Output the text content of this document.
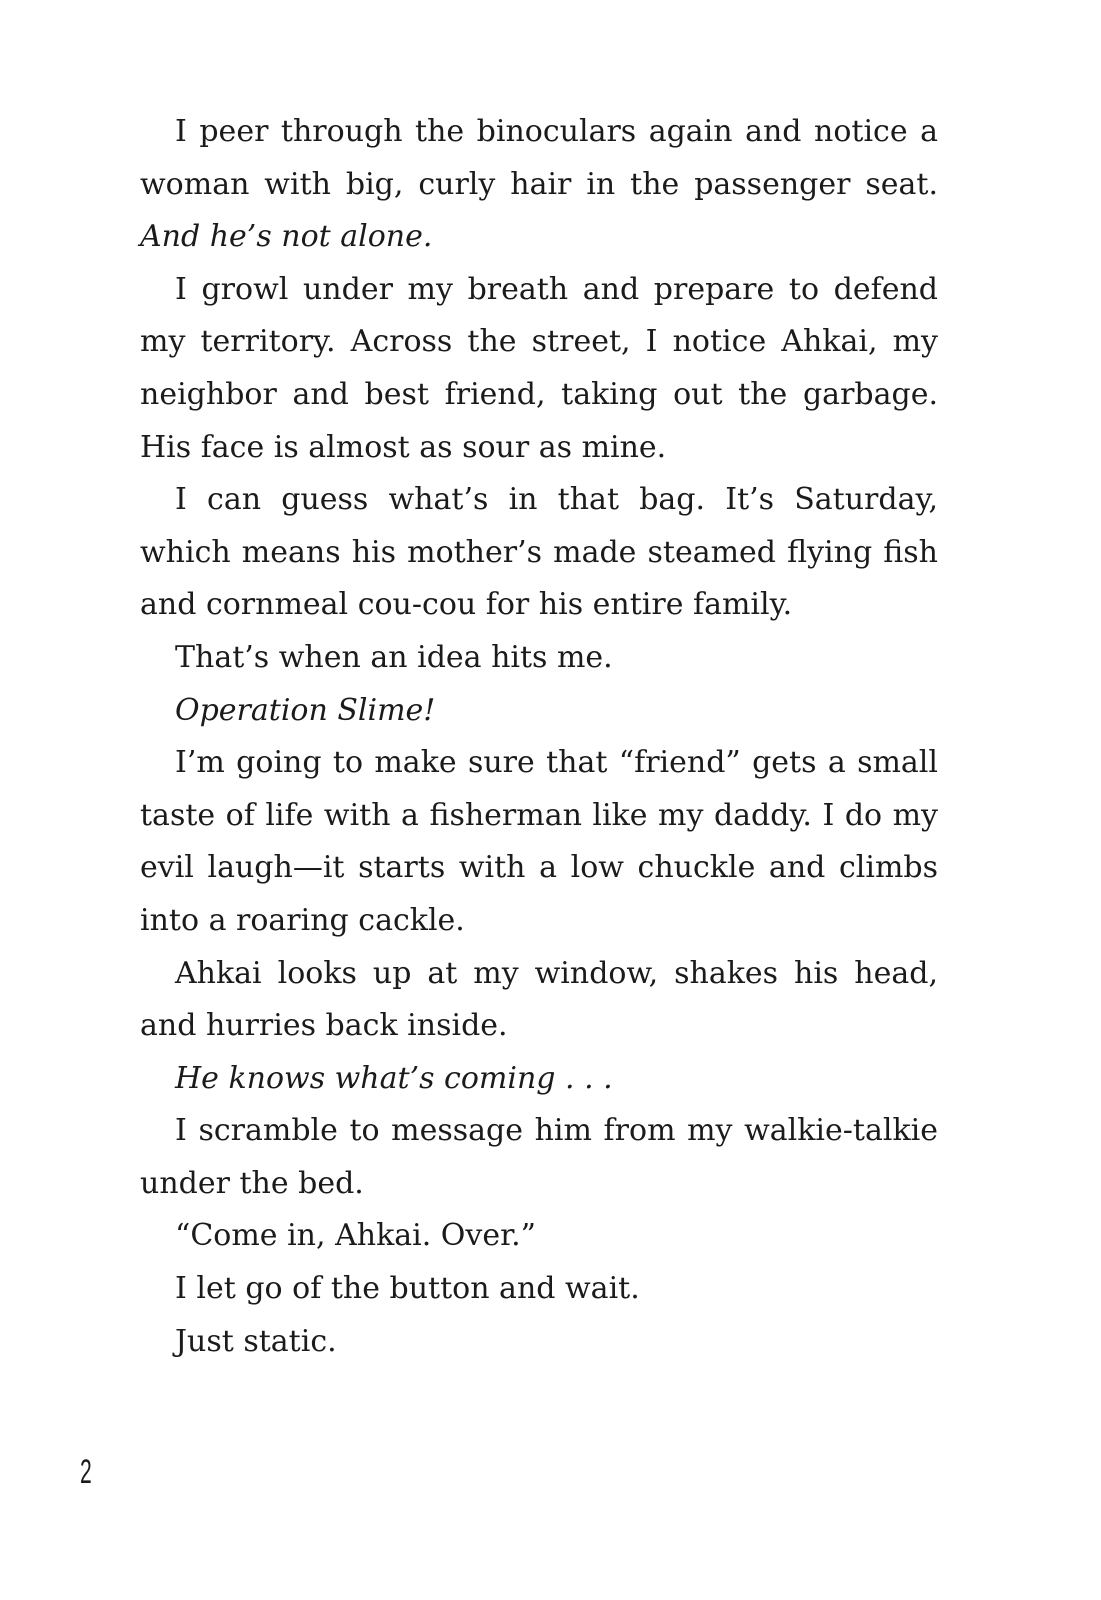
I peer through the binoculars again and notice a woman with big, curly hair in the passenger seat. And he’s not alone.

I growl under my breath and prepare to defend my territory. Across the street, I notice Ahkai, my neighbor and best friend, taking out the garbage. His face is almost as sour as mine.

I can guess what’s in that bag. It’s Saturday, which means his mother’s made steamed flying fish and cornmeal cou-cou for his entire family.

That’s when an idea hits me.

Operation Slime!

I’m going to make sure that “friend” gets a small taste of life with a fisherman like my daddy. I do my evil laugh—it starts with a low chuckle and climbs into a roaring cackle.

Ahkai looks up at my window, shakes his head, and hurries back inside.

He knows what’s coming . . .

I scramble to message him from my walkie-talkie under the bed.

“Come in, Ahkai. Over.”

I let go of the button and wait.

Just static.

2
